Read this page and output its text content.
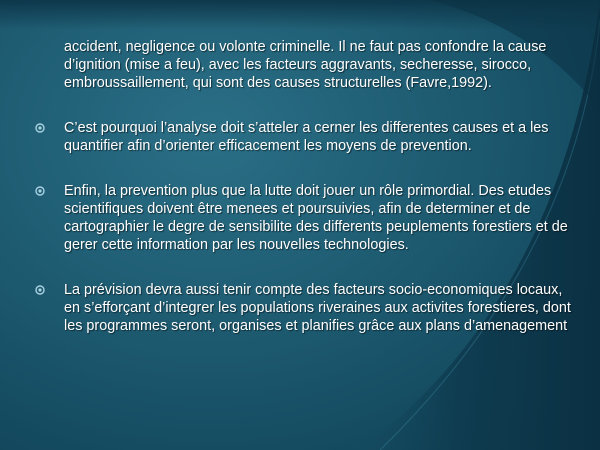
accident, negligence ou volonte criminelle. Il ne faut pas confondre la cause d’ignition (mise a feu), avec les facteurs aggravants, secheresse, sirocco, embroussaillement, qui sont des causes structurelles (Favre,1992).

C’est pourquoi l’analyse doit s’atteler a cerner les differentes causes et a les quantifier afin d’orienter efficacement les moyens de prevention.
Enfin, la prevention plus que la lutte doit jouer un rôle primordial. Des etudes scientifiques doivent être menees et poursuivies, afin de determiner et de cartographier le degre de sensibilite des differents peuplements forestiers et de gerer cette information par les nouvelles technologies.
La prévision devra aussi tenir compte des facteurs socio-economiques locaux, en s’efforçant d’integrer les populations riveraines aux activites forestieres, dont les programmes seront, organises et planifies grâce aux plans d’amenagement
